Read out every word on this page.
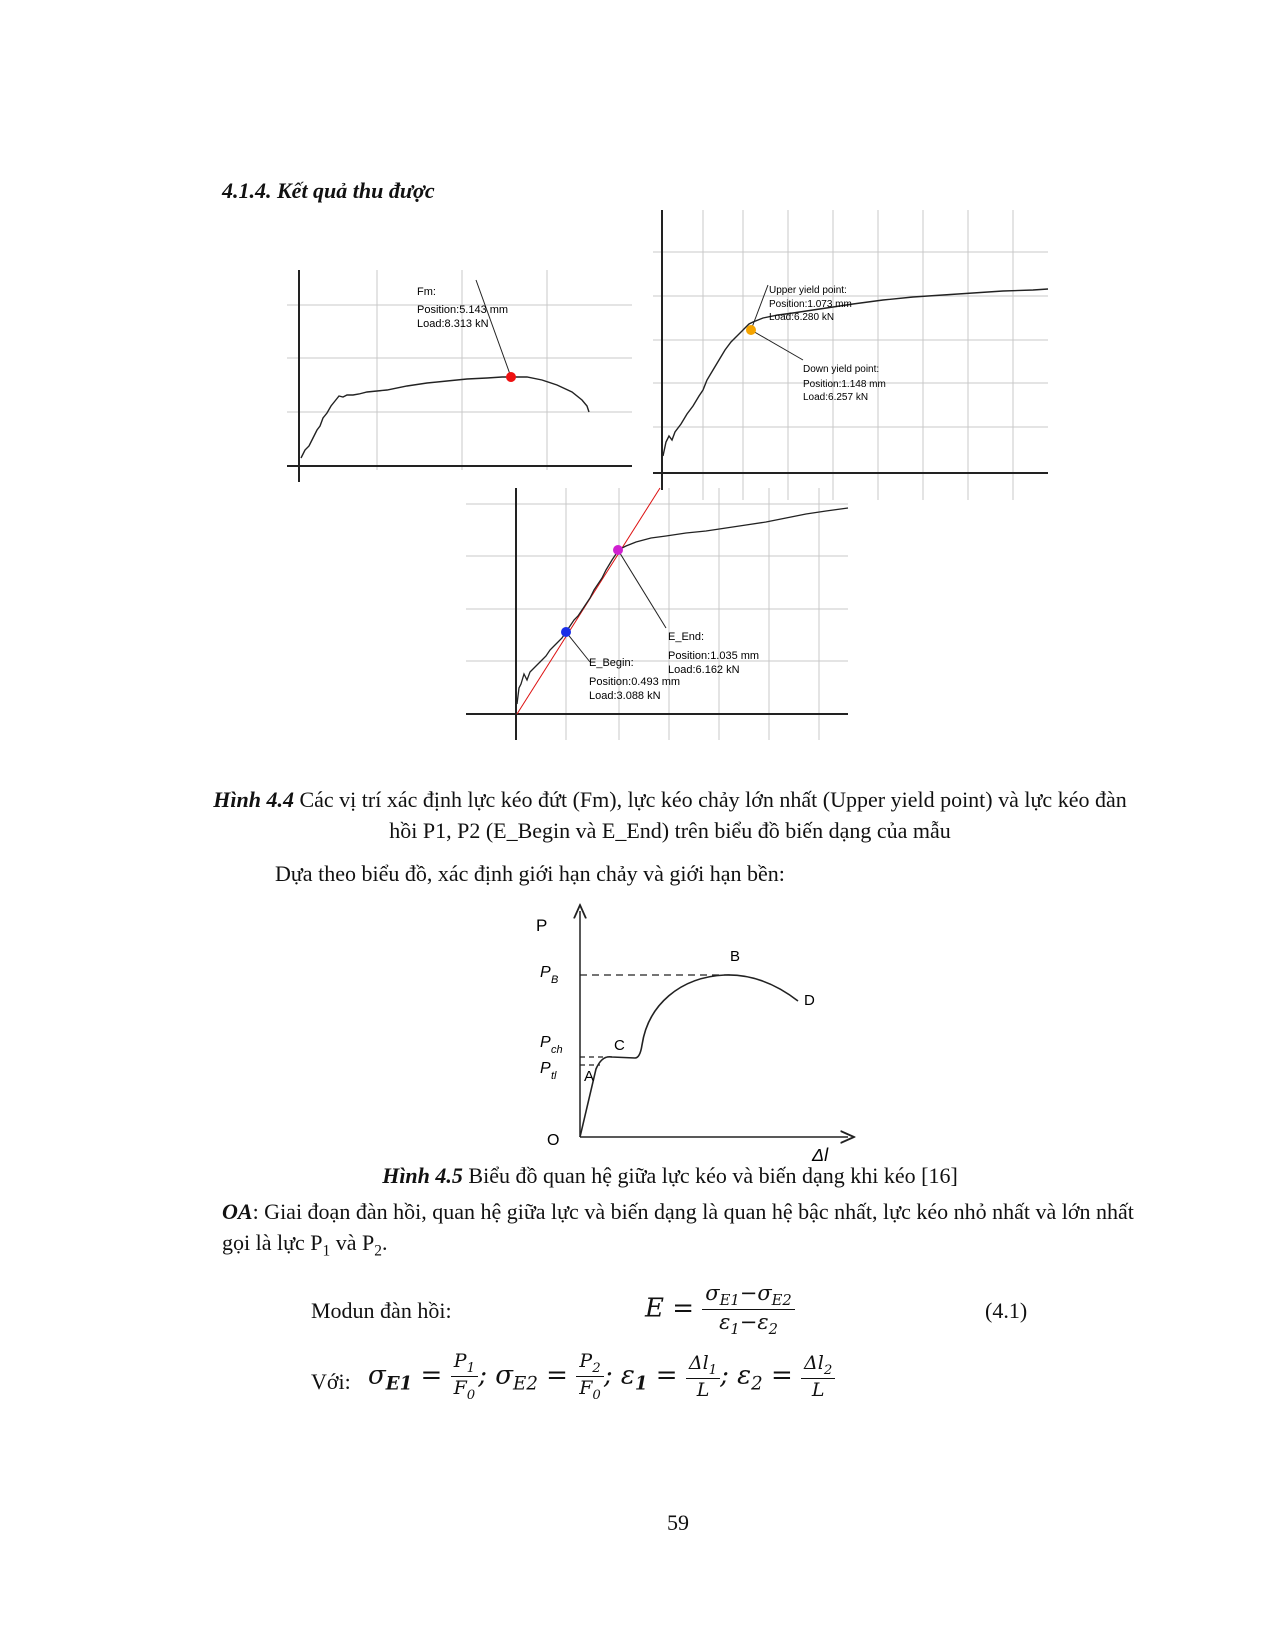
4.1.4. Kết quả thu được
Fm:
Position:5.143 mm
Load:8.313 kN
Upper yield point:
Position:1.073 mm
Load:6.280 kN
Down yield point:
Position:1.148 mm
Load:6.257 kN
E_End:
Position:1.035 mm
Load:6.162 kN
E_Begin:
Position:0.493 mm
Load:3.088 kN
Hình 4.4 Các vị trí xác định lực kéo đứt (Fm), lực kéo chảy lớn nhất (Upper yield point) và lực kéo đàn hồi P1, P2 (E_Begin và E_End) trên biểu đồ biến dạng của mẫu
Dựa theo biểu đồ, xác định giới hạn chảy và giới hạn bền:
P
O
Δl
P B
P ch
P tl A
B
C
D
Hình 4.5 Biểu đồ quan hệ giữa lực kéo và biến dạng khi kéo [16]
OA: Giai đoạn đàn hồi, quan hệ giữa lực và biến dạng là quan hệ bậc nhất, lực kéo nhỏ nhất và lớn nhất gọi là lực $P_1$ và $P_2$.
Modun đàn hồi:	$E = \frac{\sigma_{E1}-\sigma_{E2}}{\varepsilon_1-\varepsilon_2}$	(4.1)
Với: $\sigma_{E1} = \frac{P_1}{F_0}$ ; $\sigma_{E2} = \frac{P_2}{F_0}$ ; $\varepsilon_1 = \frac{\Delta l_1}{L}$ ; $\varepsilon_2 = \frac{\Delta l_2}{L}$
59
